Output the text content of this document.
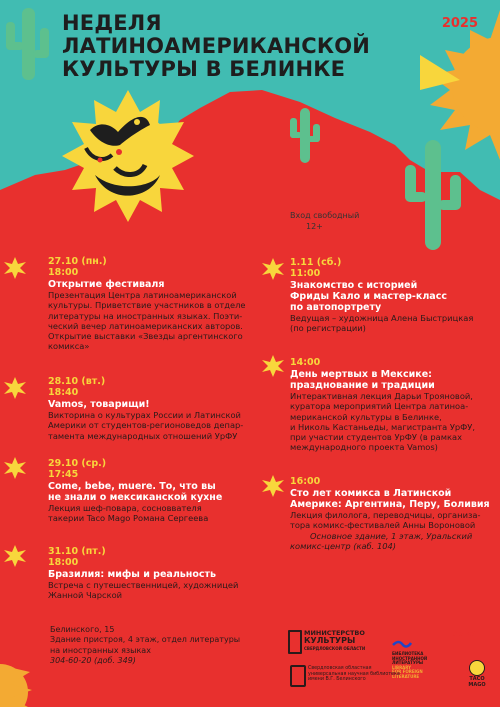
НЕДЕЛЯ
ЛАТИНОАМЕРИКАНСКОЙ
КУЛЬТУРЫ В БЕЛИНКЕ
2025
Вход свободный
12+
27.10 (пн.)
18:00
Открытие фестиваля
Презентация Центра латиноамериканской
культуры. Приветствие участников в отделе
литературы на иностранных языках. Поэти-
ческий вечер латиноамериканских авторов.
Открытие выставки «Звезды аргентинского
комикса»
28.10 (вт.)
18:40
Vamos, товарищи!
Викторина о культурах России и Латинской
Америки от студентов-регионоведов депар-
тамента международных отношений УрФУ
29.10 (ср.)
17:45
Come, bebe, muere. То, что вы
не знали о мексиканской кухне
Лекция шеф-повара, сосноввателя
такерии Taco Mago Романа Сергеева
31.10 (пт.)
18:00
Бразилия: мифы и реальность
Встреча с путешественницей, художницей
Жанной Чарской
1.11 (сб.)
11:00
Знакомство с историей
Фриды Кало и мастер-класс
по автопортрету
Ведущая – художница Алена Быстрицкая
(по регистрации)
14:00
День мертвых в Мексике:
празднование и традиции
Интерактивная лекция Дарьи Трояновой,
куратора мероприятий Центра латиноа-
мериканской культуры в Белинке,
и Николь Кастаньеды, магистранта УрФУ,
при участии студентов УрФУ (в рамках
международного проекта Vamos)
16:00
Сто лет комикса в Латинской
Америке: Аргентина, Перу, Боливия
Лекция филолога, переводчицы, организа-
тора комикс-фестивалей Анны Вороновой
Основное здание, 1 этаж, Уральский
комикс-центр (каб. 104)
Белинского, 15
Здание пристроя, 4 этаж, отдел литературы
на иностранных языках
304-60-20 (доб. 349)
МИНИСТЕРСТВО
КУЛЬТУРЫ
СВЕРДЛОВСКОЙ ОБЛАСТИ
БИБЛИОТЕКА
ИНОСТРАННОЙ
ЛИТЕРАТУРЫ
LIBRARY
FOR FOREIGN
LITERATURE
УрФУ
Свердловская областная
универсальная научная библиотека
имени В.Г. Белинского	ТАСО МАGO
